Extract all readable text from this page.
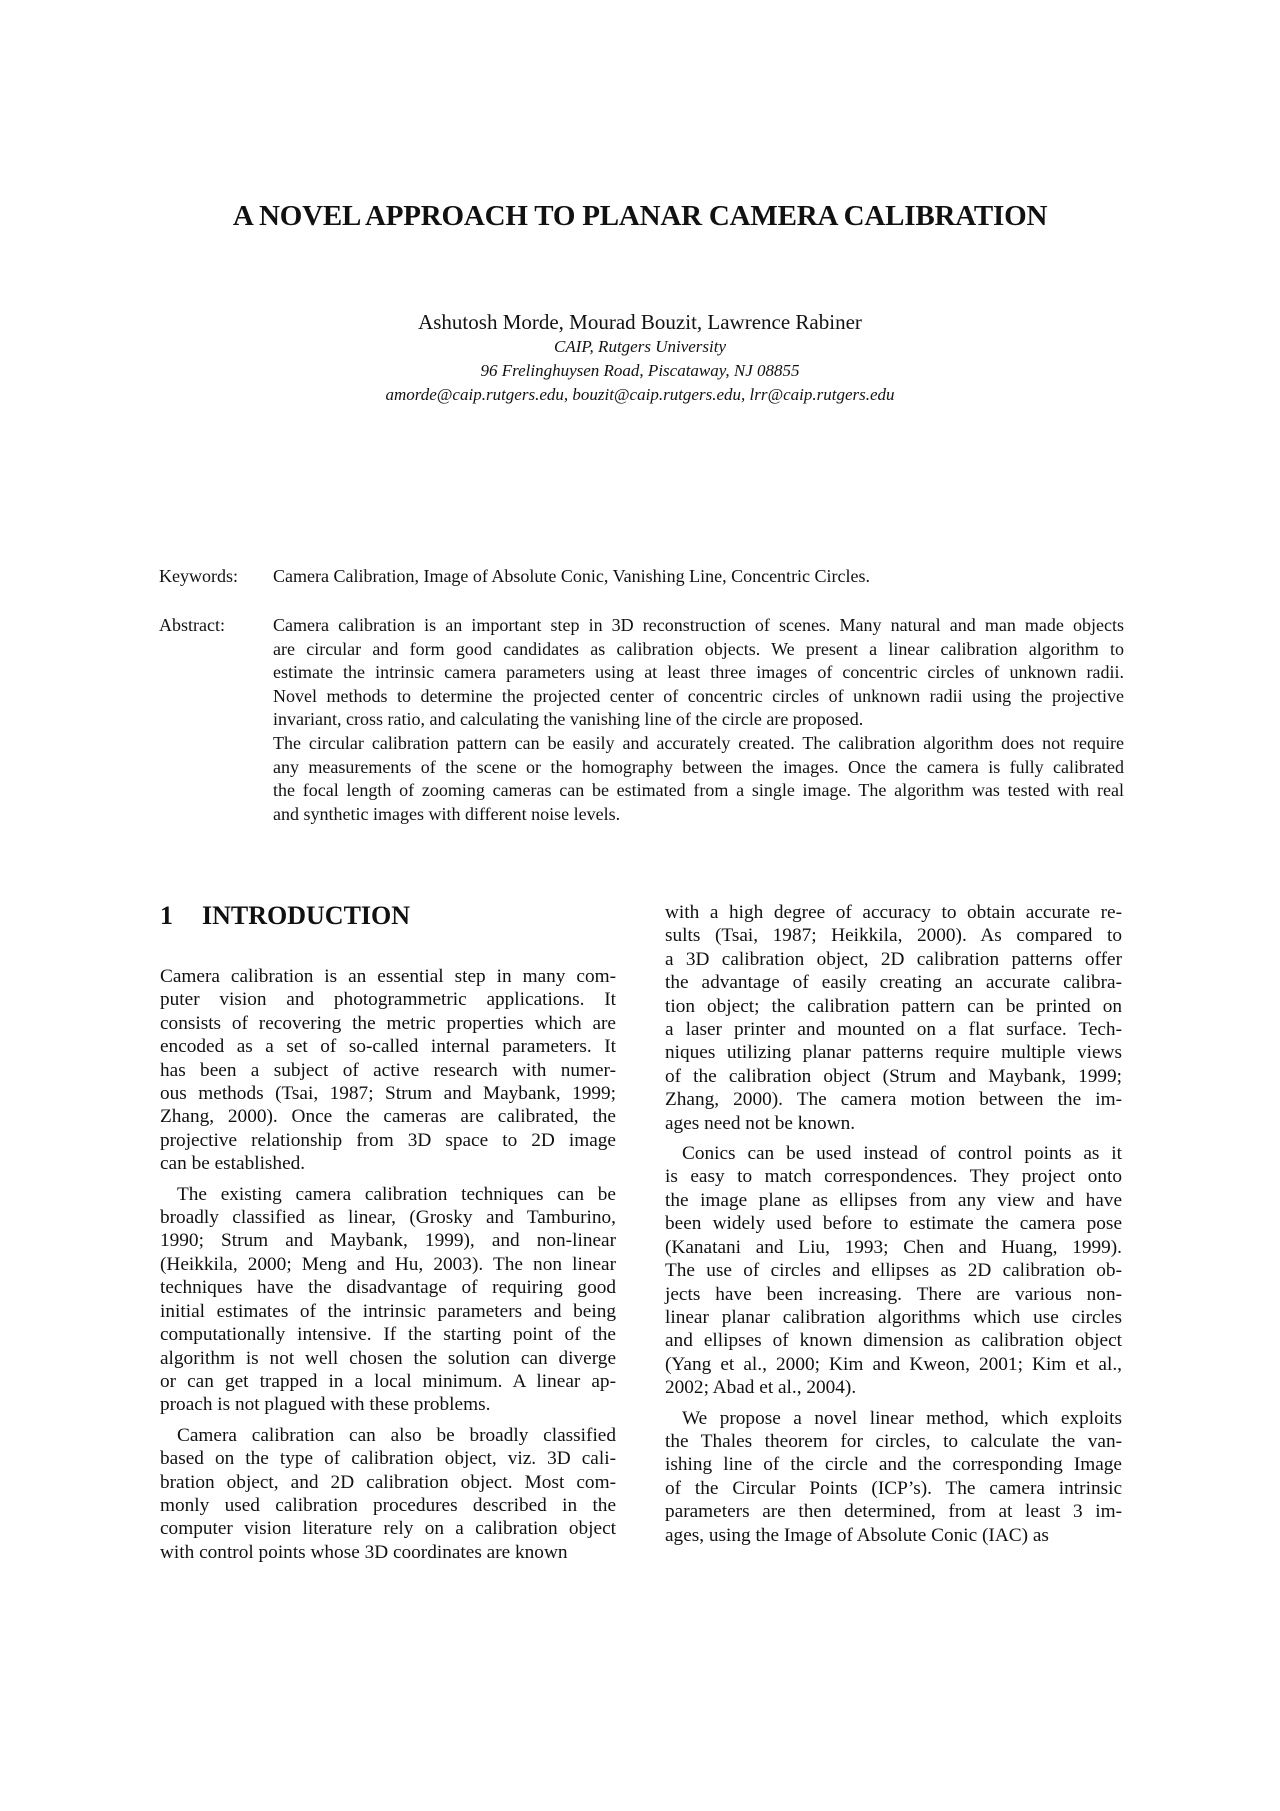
A NOVEL APPROACH TO PLANAR CAMERA CALIBRATION
Ashutosh Morde, Mourad Bouzit, Lawrence Rabiner
CAIP, Rutgers University
96 Frelinghuysen Road, Piscataway, NJ 08855
amorde@caip.rutgers.edu, bouzit@caip.rutgers.edu, lrr@caip.rutgers.edu
Keywords: Camera Calibration, Image of Absolute Conic, Vanishing Line, Concentric Circles.
Abstract:	Camera calibration is an important step in 3D reconstruction of scenes. Many natural and man made objects
are circular and form good candidates as calibration objects. We present a linear calibration algorithm to
estimate the intrinsic camera parameters using at least three images of concentric circles of unknown radii.
Novel methods to determine the projected center of concentric circles of unknown radii using the projective
invariant, cross ratio, and calculating the vanishing line of the circle are proposed.
The circular calibration pattern can be easily and accurately created. The calibration algorithm does not require
any measurements of the scene or the homography between the images. Once the camera is fully calibrated
the focal length of zooming cameras can be estimated from a single image. The algorithm was tested with real
and synthetic images with different noise levels.
1 INTRODUCTION
Camera calibration is an essential step in many com-
puter vision and photogrammetric applications. It
consists of recovering the metric properties which are
encoded as a set of so-called internal parameters. It
has been a subject of active research with numer-
ous methods (Tsai, 1987; Strum and Maybank, 1999;
Zhang, 2000). Once the cameras are calibrated, the
projective relationship from 3D space to 2D image
can be established.
The existing camera calibration techniques can be
broadly classified as linear, (Grosky and Tamburino,
1990; Strum and Maybank, 1999), and non-linear
(Heikkila, 2000; Meng and Hu, 2003). The non linear
techniques have the disadvantage of requiring good
initial estimates of the intrinsic parameters and being
computationally intensive. If the starting point of the
algorithm is not well chosen the solution can diverge
or can get trapped in a local minimum. A linear ap-
proach is not plagued with these problems.
Camera calibration can also be broadly classified
based on the type of calibration object, viz. 3D cali-
bration object, and 2D calibration object. Most com-
monly used calibration procedures described in the
computer vision literature rely on a calibration object
with control points whose 3D coordinates are known
with a high degree of accuracy to obtain accurate re-
sults (Tsai, 1987; Heikkila, 2000). As compared to
a 3D calibration object, 2D calibration patterns offer
the advantage of easily creating an accurate calibra-
tion object; the calibration pattern can be printed on
a laser printer and mounted on a flat surface. Tech-
niques utilizing planar patterns require multiple views
of the calibration object (Strum and Maybank, 1999;
Zhang, 2000). The camera motion between the im-
ages need not be known.
Conics can be used instead of control points as it
is easy to match correspondences. They project onto
the image plane as ellipses from any view and have
been widely used before to estimate the camera pose
(Kanatani and Liu, 1993; Chen and Huang, 1999).
The use of circles and ellipses as 2D calibration ob-
jects have been increasing. There are various non-
linear planar calibration algorithms which use circles
and ellipses of known dimension as calibration object
(Yang et al., 2000; Kim and Kweon, 2001; Kim et al.,
2002; Abad et al., 2004).
We propose a novel linear method, which exploits
the Thales theorem for circles, to calculate the van-
ishing line of the circle and the corresponding Image
of the Circular Points (ICP’s). The camera intrinsic
parameters are then determined, from at least 3 im-
ages, using the Image of Absolute Conic (IAC) as
